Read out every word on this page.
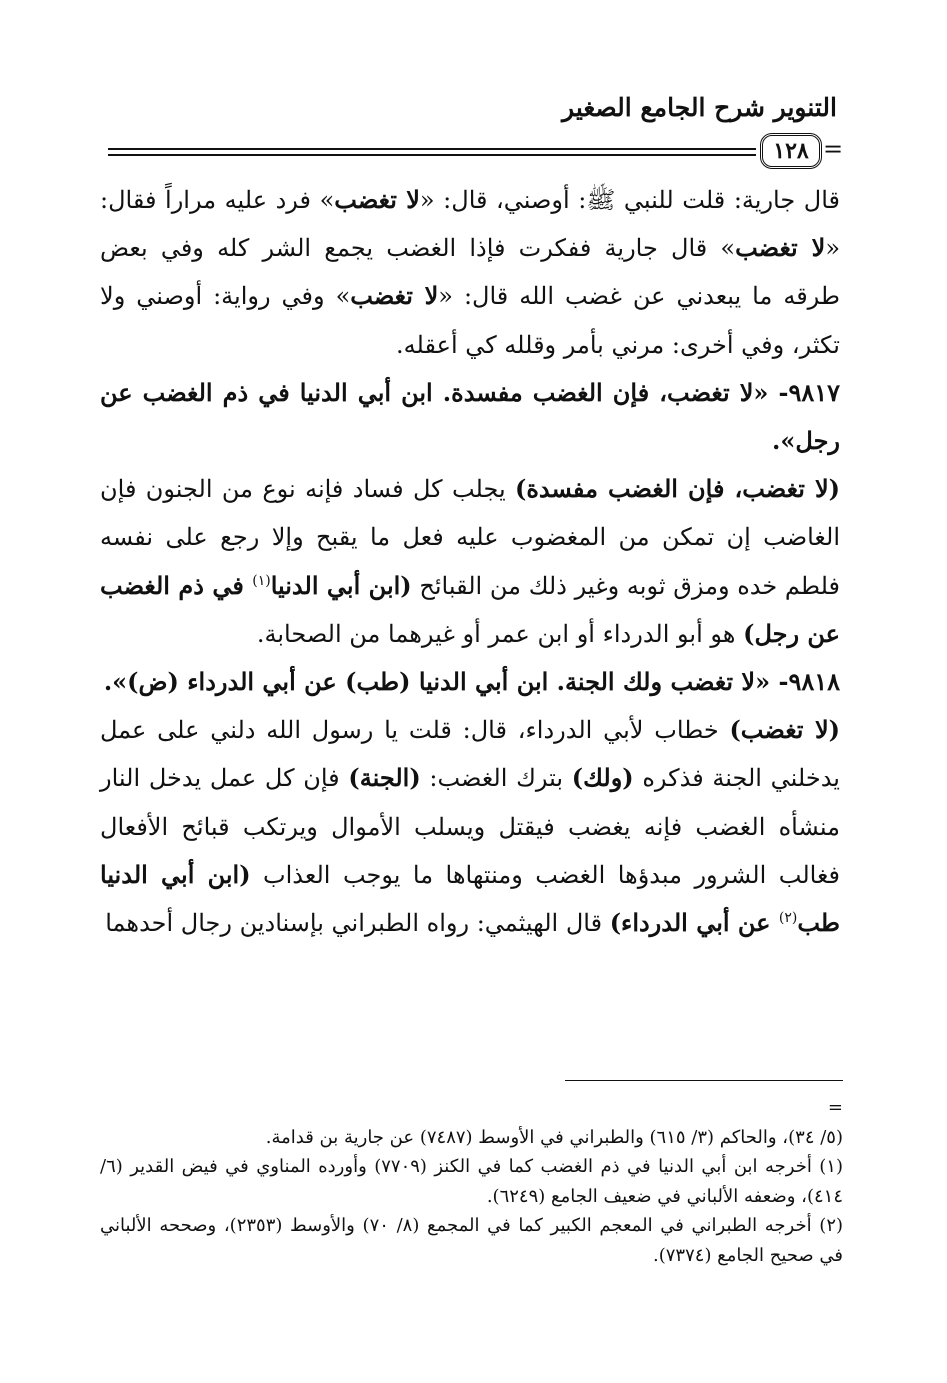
التنوير شرح الجامع الصغير
١٢٨ =

قال جارية: قلت للنبي ﷺ: أوصني، قال: «لا تغضب» فرد عليه مراراً فقال: «لا تغضب» قال جارية ففكرت فإذا الغضب يجمع الشر كله وفي بعض طرقه ما يبعدني عن غضب الله قال: «لا تغضب» وفي رواية: أوصني ولا تكثر، وفي أخرى: مرني بأمر وقلله كي أعقله.

٩٨١٧- «لا تغضب، فإن الغضب مفسدة. ابن أبي الدنيا في ذم الغضب عن رجل».

(لا تغضب، فإن الغضب مفسدة) يجلب كل فساد فإنه نوع من الجنون فإن الغاضب إن تمكن من المغضوب عليه فعل ما يقبح وإلا رجع على نفسه فلطم خده ومزق ثوبه وغير ذلك من القبائح (ابن أبي الدنيا$^{(١)}$ في ذم الغضب عن رجل) هو أبو الدرداء أو ابن عمر أو غيرهما من الصحابة.

٩٨١٨- «لا تغضب ولك الجنة. ابن أبي الدنيا (طب) عن أبي الدرداء (ض)».

(لا تغضب) خطاب لأبي الدرداء، قال: قلت يا رسول الله دلني على عمل يدخلني الجنة فذكره (ولك) بترك الغضب: (الجنة) فإن كل عمل يدخل النار منشأه الغضب فإنه يغضب فيقتل ويسلب الأموال ويرتكب قبائح الأفعال فغالب الشرور مبدؤها الغضب ومنتهاها ما يوجب العذاب (ابن أبي الدنيا طب$^{(٢)}$ عن أبي الدرداء) قال الهيثمي: رواه الطبراني بإسنادين رجال أحدهما

=

(٥/ ٣٤)، والحاكم (٣/ ٦١٥) والطبراني في الأوسط (٧٤٨٧) عن جارية بن قدامة.

(١) أخرجه ابن أبي الدنيا في ذم الغضب كما في الكنز (٧٧٠٩) وأورده المناوي في فيض القدير (٦/ ٤١٤)، وضعفه الألباني في ضعيف الجامع (٦٢٤٩).

(٢) أخرجه الطبراني في المعجم الكبير كما في المجمع (٨/ ٧٠) والأوسط (٢٣٥٣)، وصححه الألباني في صحيح الجامع (٧٣٧٤).
